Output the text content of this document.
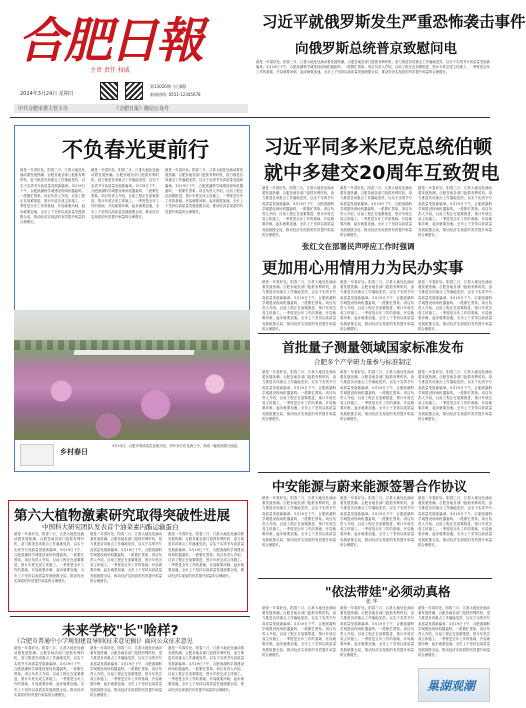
合肥日報
主责 责任 权威
2024年3月24日 星期日
第13026期 今日8版
新闻热线: 0551-12345678
中共合肥市委主管主办	《合肥日报》微信公众号
习近平就俄罗斯发生严重恐怖袭击事件
向俄罗斯总统普京致慰问电
最是一年春好处。阳春三月，江淮大地处处涌动着发展热潮。合肥各地各部门抢抓有利时机，奋力推进各项重点工作落地见效，以实干实绩书写高质量发展新篇章。3月19日下午，合肥滨湖科学城建设现场机器轰鸣，一派繁忙景象。项目负责人介绍，目前工程正在加紧推进，预计年底完成主体施工。一季度是全年工作的基础，开局就要冲刺，起步就要加速。全市上下坚持以高质量发展统揽全局，推动经济实现质的有效提升和量的合理增长。
不负春光更前行
最是一年春好处。阳春三月，江淮大地处处涌动着发展热潮。合肥各地各部门抢抓有利时机，奋力推进各项重点工作落地见效，以实干实绩书写高质量发展新篇章。3月19日下午，合肥滨湖科学城建设现场机器轰鸣，一派繁忙景象。项目负责人介绍，目前工程正在加紧推进，预计年底完成主体施工。一季度是全年工作的基础，开局就要冲刺，起步就要加速。全市上下坚持以高质量发展统揽全局，推动经济实现质的有效提升和量的合理增长。
最是一年春好处。阳春三月，江淮大地处处涌动着发展热潮。合肥各地各部门抢抓有利时机，奋力推进各项重点工作落地见效，以实干实绩书写高质量发展新篇章。3月19日下午，合肥滨湖科学城建设现场机器轰鸣，一派繁忙景象。项目负责人介绍，目前工程正在加紧推进，预计年底完成主体施工。一季度是全年工作的基础，开局就要冲刺，起步就要加速。全市上下坚持以高质量发展统揽全局，推动经济实现质的有效提升和量的合理增长。
最是一年春好处。阳春三月，江淮大地处处涌动着发展热潮。合肥各地各部门抢抓有利时机，奋力推进各项重点工作落地见效，以实干实绩书写高质量发展新篇章。3月19日下午，合肥滨湖科学城建设现场机器轰鸣，一派繁忙景象。项目负责人介绍，目前工程正在加紧推进，预计年底完成主体施工。一季度是全年工作的基础，开局就要冲刺，起步就要加速。全市上下坚持以高质量发展统揽全局，推动经济实现质的有效提升和量的合理增长。
乡村春日
3月23日，合肥市郊油菜花竞相开放，列车穿行在花海之中，构成一幅美丽春日画卷。
习近平同多米尼克总统伯顿
就中多建交20周年互致贺电
最是一年春好处。阳春三月，江淮大地处处涌动着发展热潮。合肥各地各部门抢抓有利时机，奋力推进各项重点工作落地见效，以实干实绩书写高质量发展新篇章。3月19日下午，合肥滨湖科学城建设现场机器轰鸣，一派繁忙景象。项目负责人介绍，目前工程正在加紧推进，预计年底完成主体施工。一季度是全年工作的基础，开局就要冲刺，起步就要加速。全市上下坚持以高质量发展统揽全局，推动经济实现质的有效提升和量的合理增长。
最是一年春好处。阳春三月，江淮大地处处涌动着发展热潮。合肥各地各部门抢抓有利时机，奋力推进各项重点工作落地见效，以实干实绩书写高质量发展新篇章。3月19日下午，合肥滨湖科学城建设现场机器轰鸣，一派繁忙景象。项目负责人介绍，目前工程正在加紧推进，预计年底完成主体施工。一季度是全年工作的基础，开局就要冲刺，起步就要加速。全市上下坚持以高质量发展统揽全局，推动经济实现质的有效提升和量的合理增长。
最是一年春好处。阳春三月，江淮大地处处涌动着发展热潮。合肥各地各部门抢抓有利时机，奋力推进各项重点工作落地见效，以实干实绩书写高质量发展新篇章。3月19日下午，合肥滨湖科学城建设现场机器轰鸣，一派繁忙景象。项目负责人介绍，目前工程正在加紧推进，预计年底完成主体施工。一季度是全年工作的基础，开局就要冲刺，起步就要加速。全市上下坚持以高质量发展统揽全局，推动经济实现质的有效提升和量的合理增长。
张红文在部署民声呼应工作时强调
更加用心用情用力为民办实事
最是一年春好处。阳春三月，江淮大地处处涌动着发展热潮。合肥各地各部门抢抓有利时机，奋力推进各项重点工作落地见效，以实干实绩书写高质量发展新篇章。3月19日下午，合肥滨湖科学城建设现场机器轰鸣，一派繁忙景象。项目负责人介绍，目前工程正在加紧推进，预计年底完成主体施工。一季度是全年工作的基础，开局就要冲刺，起步就要加速。全市上下坚持以高质量发展统揽全局，推动经济实现质的有效提升和量的合理增长。
最是一年春好处。阳春三月，江淮大地处处涌动着发展热潮。合肥各地各部门抢抓有利时机，奋力推进各项重点工作落地见效，以实干实绩书写高质量发展新篇章。3月19日下午，合肥滨湖科学城建设现场机器轰鸣，一派繁忙景象。项目负责人介绍，目前工程正在加紧推进，预计年底完成主体施工。一季度是全年工作的基础，开局就要冲刺，起步就要加速。全市上下坚持以高质量发展统揽全局，推动经济实现质的有效提升和量的合理增长。
最是一年春好处。阳春三月，江淮大地处处涌动着发展热潮。合肥各地各部门抢抓有利时机，奋力推进各项重点工作落地见效，以实干实绩书写高质量发展新篇章。3月19日下午，合肥滨湖科学城建设现场机器轰鸣，一派繁忙景象。项目负责人介绍，目前工程正在加紧推进，预计年底完成主体施工。一季度是全年工作的基础，开局就要冲刺，起步就要加速。全市上下坚持以高质量发展统揽全局，推动经济实现质的有效提升和量的合理增长。
首批量子测量领域国家标准发布
合肥多个产学研力量参与标准制定
最是一年春好处。阳春三月，江淮大地处处涌动着发展热潮。合肥各地各部门抢抓有利时机，奋力推进各项重点工作落地见效，以实干实绩书写高质量发展新篇章。3月19日下午，合肥滨湖科学城建设现场机器轰鸣，一派繁忙景象。项目负责人介绍，目前工程正在加紧推进，预计年底完成主体施工。一季度是全年工作的基础，开局就要冲刺，起步就要加速。全市上下坚持以高质量发展统揽全局，推动经济实现质的有效提升和量的合理增长。
最是一年春好处。阳春三月，江淮大地处处涌动着发展热潮。合肥各地各部门抢抓有利时机，奋力推进各项重点工作落地见效，以实干实绩书写高质量发展新篇章。3月19日下午，合肥滨湖科学城建设现场机器轰鸣，一派繁忙景象。项目负责人介绍，目前工程正在加紧推进，预计年底完成主体施工。一季度是全年工作的基础，开局就要冲刺，起步就要加速。全市上下坚持以高质量发展统揽全局，推动经济实现质的有效提升和量的合理增长。
最是一年春好处。阳春三月，江淮大地处处涌动着发展热潮。合肥各地各部门抢抓有利时机，奋力推进各项重点工作落地见效，以实干实绩书写高质量发展新篇章。3月19日下午，合肥滨湖科学城建设现场机器轰鸣，一派繁忙景象。项目负责人介绍，目前工程正在加紧推进，预计年底完成主体施工。一季度是全年工作的基础，开局就要冲刺，起步就要加速。全市上下坚持以高质量发展统揽全局，推动经济实现质的有效提升和量的合理增长。
中安能源与蔚来能源签署合作协议
最是一年春好处。阳春三月，江淮大地处处涌动着发展热潮。合肥各地各部门抢抓有利时机，奋力推进各项重点工作落地见效，以实干实绩书写高质量发展新篇章。3月19日下午，合肥滨湖科学城建设现场机器轰鸣，一派繁忙景象。项目负责人介绍，目前工程正在加紧推进，预计年底完成主体施工。一季度是全年工作的基础，开局就要冲刺，起步就要加速。全市上下坚持以高质量发展统揽全局，推动经济实现质的有效提升和量的合理增长。
最是一年春好处。阳春三月，江淮大地处处涌动着发展热潮。合肥各地各部门抢抓有利时机，奋力推进各项重点工作落地见效，以实干实绩书写高质量发展新篇章。3月19日下午，合肥滨湖科学城建设现场机器轰鸣，一派繁忙景象。项目负责人介绍，目前工程正在加紧推进，预计年底完成主体施工。一季度是全年工作的基础，开局就要冲刺，起步就要加速。全市上下坚持以高质量发展统揽全局，推动经济实现质的有效提升和量的合理增长。
最是一年春好处。阳春三月，江淮大地处处涌动着发展热潮。合肥各地各部门抢抓有利时机，奋力推进各项重点工作落地见效，以实干实绩书写高质量发展新篇章。3月19日下午，合肥滨湖科学城建设现场机器轰鸣，一派繁忙景象。项目负责人介绍，目前工程正在加紧推进，预计年底完成主体施工。一季度是全年工作的基础，开局就要冲刺，起步就要加速。全市上下坚持以高质量发展统揽全局，推动经济实现质的有效提升和量的合理增长。
第六大植物激素研究取得突破性进展
中国科大研究团队发表首个油菜素内酯运输蛋白
最是一年春好处。阳春三月，江淮大地处处涌动着发展热潮。合肥各地各部门抢抓有利时机，奋力推进各项重点工作落地见效，以实干实绩书写高质量发展新篇章。3月19日下午，合肥滨湖科学城建设现场机器轰鸣，一派繁忙景象。项目负责人介绍，目前工程正在加紧推进，预计年底完成主体施工。一季度是全年工作的基础，开局就要冲刺，起步就要加速。全市上下坚持以高质量发展统揽全局，推动经济实现质的有效提升和量的合理增长。
最是一年春好处。阳春三月，江淮大地处处涌动着发展热潮。合肥各地各部门抢抓有利时机，奋力推进各项重点工作落地见效，以实干实绩书写高质量发展新篇章。3月19日下午，合肥滨湖科学城建设现场机器轰鸣，一派繁忙景象。项目负责人介绍，目前工程正在加紧推进，预计年底完成主体施工。一季度是全年工作的基础，开局就要冲刺，起步就要加速。全市上下坚持以高质量发展统揽全局，推动经济实现质的有效提升和量的合理增长。
最是一年春好处。阳春三月，江淮大地处处涌动着发展热潮。合肥各地各部门抢抓有利时机，奋力推进各项重点工作落地见效，以实干实绩书写高质量发展新篇章。3月19日下午，合肥滨湖科学城建设现场机器轰鸣，一派繁忙景象。项目负责人介绍，目前工程正在加紧推进，预计年底完成主体施工。一季度是全年工作的基础，开局就要冲刺，起步就要加速。全市上下坚持以高质量发展统揽全局，推动经济实现质的有效提升和量的合理增长。
未来学校"长"啥样?
《合肥市普通中小学规划建设导则(征求意见稿)》面向公众征求意见
最是一年春好处。阳春三月，江淮大地处处涌动着发展热潮。合肥各地各部门抢抓有利时机，奋力推进各项重点工作落地见效，以实干实绩书写高质量发展新篇章。3月19日下午，合肥滨湖科学城建设现场机器轰鸣，一派繁忙景象。项目负责人介绍，目前工程正在加紧推进，预计年底完成主体施工。一季度是全年工作的基础，开局就要冲刺，起步就要加速。全市上下坚持以高质量发展统揽全局，推动经济实现质的有效提升和量的合理增长。
最是一年春好处。阳春三月，江淮大地处处涌动着发展热潮。合肥各地各部门抢抓有利时机，奋力推进各项重点工作落地见效，以实干实绩书写高质量发展新篇章。3月19日下午，合肥滨湖科学城建设现场机器轰鸣，一派繁忙景象。项目负责人介绍，目前工程正在加紧推进，预计年底完成主体施工。一季度是全年工作的基础，开局就要冲刺，起步就要加速。全市上下坚持以高质量发展统揽全局，推动经济实现质的有效提升和量的合理增长。
最是一年春好处。阳春三月，江淮大地处处涌动着发展热潮。合肥各地各部门抢抓有利时机，奋力推进各项重点工作落地见效，以实干实绩书写高质量发展新篇章。3月19日下午，合肥滨湖科学城建设现场机器轰鸣，一派繁忙景象。项目负责人介绍，目前工程正在加紧推进，预计年底完成主体施工。一季度是全年工作的基础，开局就要冲刺，起步就要加速。全市上下坚持以高质量发展统揽全局，推动经济实现质的有效提升和量的合理增长。
"依法带娃"必须动真格
张 华
最是一年春好处。阳春三月，江淮大地处处涌动着发展热潮。合肥各地各部门抢抓有利时机，奋力推进各项重点工作落地见效，以实干实绩书写高质量发展新篇章。3月19日下午，合肥滨湖科学城建设现场机器轰鸣，一派繁忙景象。项目负责人介绍，目前工程正在加紧推进，预计年底完成主体施工。一季度是全年工作的基础，开局就要冲刺，起步就要加速。全市上下坚持以高质量发展统揽全局，推动经济实现质的有效提升和量的合理增长。
最是一年春好处。阳春三月，江淮大地处处涌动着发展热潮。合肥各地各部门抢抓有利时机，奋力推进各项重点工作落地见效，以实干实绩书写高质量发展新篇章。3月19日下午，合肥滨湖科学城建设现场机器轰鸣，一派繁忙景象。项目负责人介绍，目前工程正在加紧推进，预计年底完成主体施工。一季度是全年工作的基础，开局就要冲刺，起步就要加速。全市上下坚持以高质量发展统揽全局，推动经济实现质的有效提升和量的合理增长。
最是一年春好处。阳春三月，江淮大地处处涌动着发展热潮。合肥各地各部门抢抓有利时机，奋力推进各项重点工作落地见效，以实干实绩书写高质量发展新篇章。3月19日下午，合肥滨湖科学城建设现场机器轰鸣，一派繁忙景象。项目负责人介绍，目前工程正在加紧推进，预计年底完成主体施工。一季度是全年工作的基础，开局就要冲刺，起步就要加速。全市上下坚持以高质量发展统揽全局，推动经济实现质的有效提升和量的合理增长。
巢湖观潮
